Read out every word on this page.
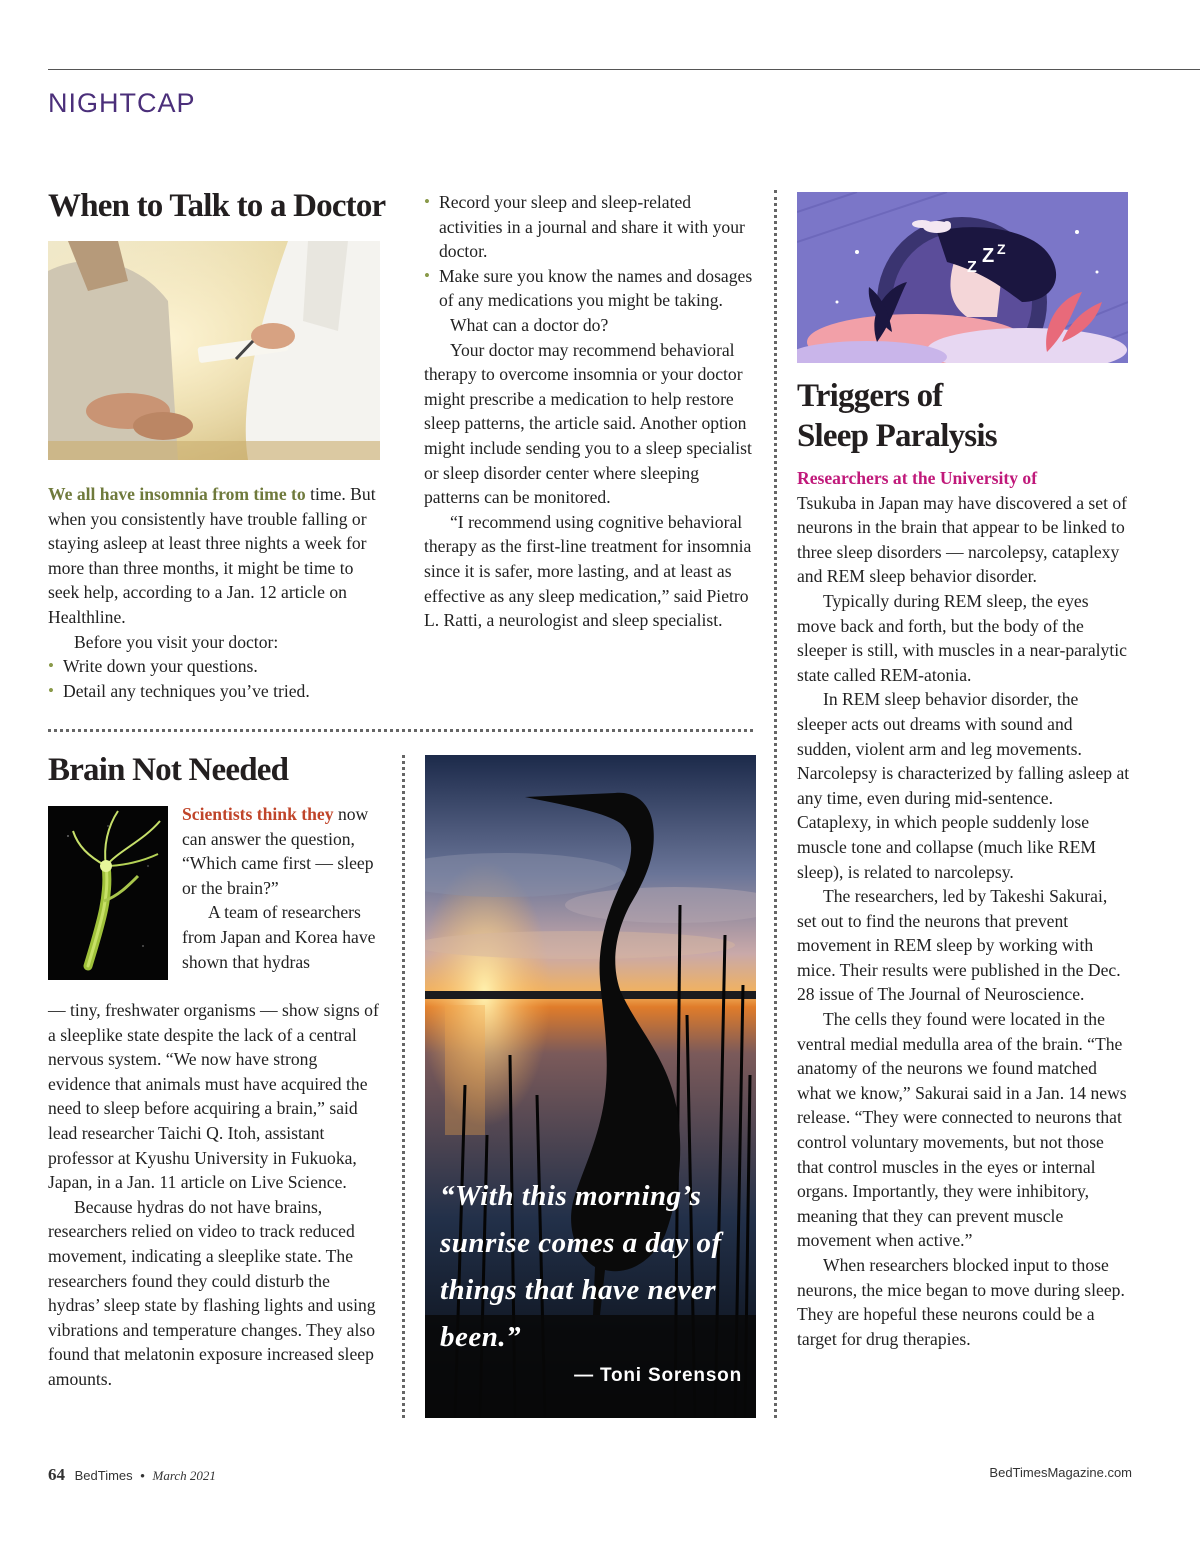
NIGHTCAP
When to Talk to a Doctor

We all have insomnia from time to time. But when you consistently have trouble falling or staying asleep at least three nights a week for more than three months, it might be time to seek help, according to a Jan. 12 article on Healthline.

Before you visit your doctor:

• Write down your questions.
• Detail any techniques you’ve tried.
• Record your sleep and sleep-related activities in a journal and share it with your doctor.
• Make sure you know the names and dosages of any medications you might be taking.

What can a doctor do?

Your doctor may recommend behavioral therapy to overcome insomnia or your doctor might prescribe a medication to help restore sleep patterns, the article said. Another option might include sending you to a sleep specialist or sleep disorder center where sleeping patterns can be monitored.

“I recommend using cognitive behavioral therapy as the first-line treatment for insomnia since it is safer, more lasting, and at least as effective as any sleep medication,” said Pietro L. Ratti, a neurologist and sleep specialist.

Brain Not Needed

Scientists think they now can answer the question, “Which came first — sleep or the brain?”

A team of researchers from Japan and Korea have shown that hydras

— tiny, freshwater organisms — show signs of a sleeplike state despite the lack of a central nervous system. “We now have strong evidence that animals must have acquired the need to sleep before acquiring a brain,” said lead researcher Taichi Q. Itoh, assistant professor at Kyushu University in Fukuoka, Japan, in a Jan. 11 article on Live Science.

Because hydras do not have brains, researchers relied on video to track reduced movement, indicating a sleeplike state. The researchers found they could disturb the hydras’ sleep state by flashing lights and using vibrations and temperature changes. They also found that melatonin exposure increased sleep amounts.

“With this morning’s sunrise comes a day of things that have never been.”
— Toni Sorenson
Z
Z Z
Triggers of
Sleep Paralysis

Researchers at the University of

Tsukuba in Japan may have discovered a set of neurons in the brain that appear to be linked to three sleep disorders — narcolepsy, cataplexy and REM sleep behavior disorder.

Typically during REM sleep, the eyes move back and forth, but the body of the sleeper is still, with muscles in a near-paralytic state called REM-atonia.

In REM sleep behavior disorder, the sleeper acts out dreams with sound and sudden, violent arm and leg movements. Narcolepsy is characterized by falling asleep at any time, even during mid-sentence. Cataplexy, in which people suddenly lose muscle tone and collapse (much like REM sleep), is related to narcolepsy.

The researchers, led by Takeshi Sakurai, set out to find the neurons that prevent movement in REM sleep by working with mice. Their results were published in the Dec. 28 issue of The Journal of Neuroscience.

The cells they found were located in the ventral medial medulla area of the brain. “The anatomy of the neurons we found matched what we know,” Sakurai said in a Jan. 14 news release. “They were connected to neurons that control voluntary movements, but not those that control muscles in the eyes or internal organs. Importantly, they were inhibitory, meaning that they can prevent muscle movement when active.”

When researchers blocked input to those neurons, the mice began to move during sleep. They are hopeful these neurons could be a target for drug therapies.

64 BedTimes • March 2021	BedTimesMagazine.com
